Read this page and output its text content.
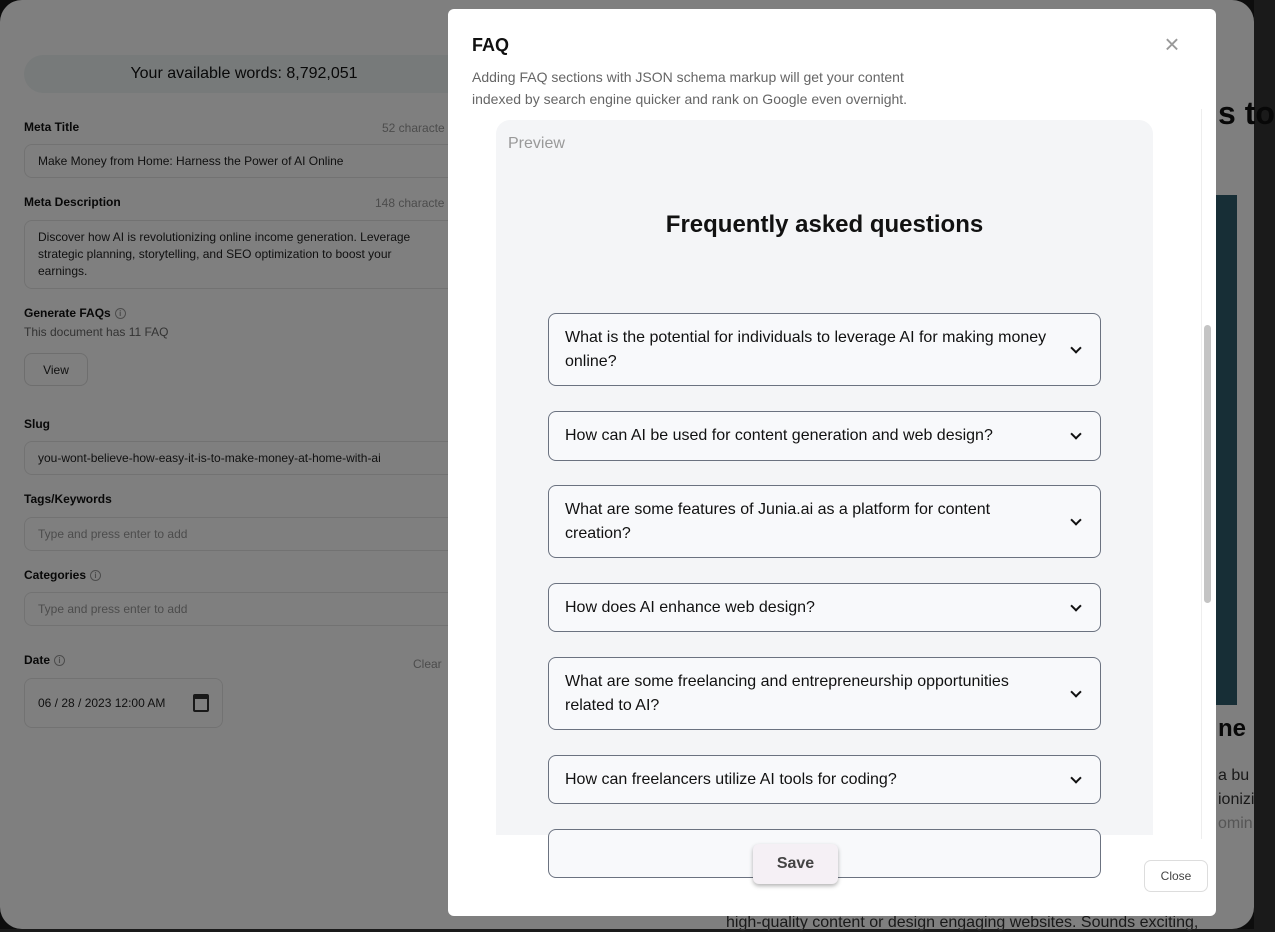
s to
ne
FAQ	×
Adding FAQ sections with JSON schema markup will get your content indexed by search engine quicker and rank on Google even overnight.
Preview
Frequently asked questions
What is the potential for individuals to leverage AI for making money online?
How can AI be used for content generation and web design?
What are some features of Junia.ai as a platform for content creation?
How does AI enhance web design?
What are some freelancing and entrepreneurship opportunities related to AI?
How can freelancers utilize AI tools for coding?
Save
Close
